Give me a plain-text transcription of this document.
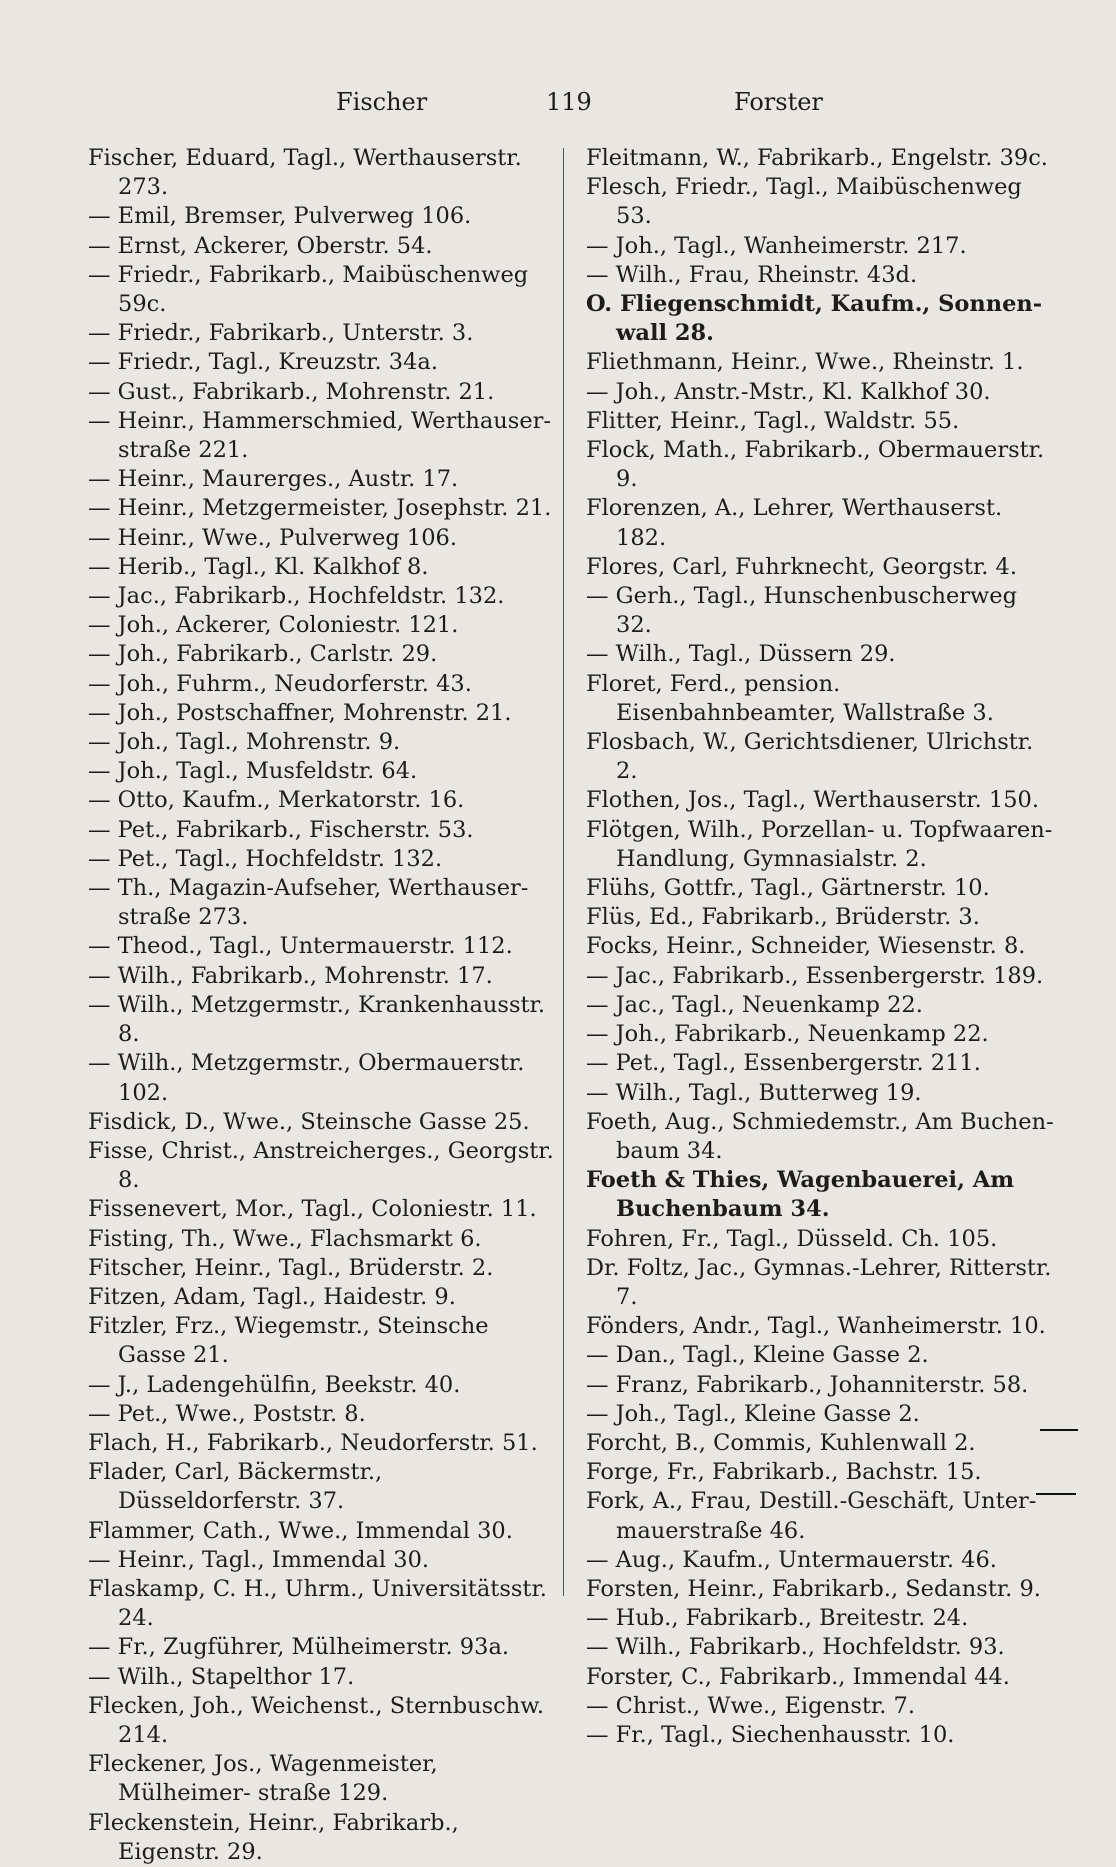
Fischer	119	Forster
Fischer, Eduard, Tagl., Werthauserstr. 273.
— Emil, Bremser, Pulverweg 106.
— Ernst, Ackerer, Oberstr. 54.
— Friedr., Fabrikarb., Maibüschenweg 59c.
— Friedr., Fabrikarb., Unterstr. 3.
— Friedr., Tagl., Kreuzstr. 34a.
— Gust., Fabrikarb., Mohrenstr. 21.
— Heinr., Hammerschmied, Werthauser- straße 221.
— Heinr., Maurerges., Austr. 17.
— Heinr., Metzgermeister, Josephstr. 21.
— Heinr., Wwe., Pulverweg 106.
— Herib., Tagl., Kl. Kalkhof 8.
— Jac., Fabrikarb., Hochfeldstr. 132.
— Joh., Ackerer, Coloniestr. 121.
— Joh., Fabrikarb., Carlstr. 29.
— Joh., Fuhrm., Neudorferstr. 43.
— Joh., Postschaffner, Mohrenstr. 21.
— Joh., Tagl., Mohrenstr. 9.
— Joh., Tagl., Musfeldstr. 64.
— Otto, Kaufm., Merkatorstr. 16.
— Pet., Fabrikarb., Fischerstr. 53.
— Pet., Tagl., Hochfeldstr. 132.
— Th., Magazin-Aufseher, Werthauser- straße 273.
— Theod., Tagl., Untermauerstr. 112.
— Wilh., Fabrikarb., Mohrenstr. 17.
— Wilh., Metzgermstr., Krankenhausstr. 8.
— Wilh., Metzgermstr., Obermauerstr. 102.
Fisdick, D., Wwe., Steinsche Gasse 25.
Fisse, Christ., Anstreicherges., Georgstr. 8.
Fissenevert, Mor., Tagl., Coloniestr. 11.
Fisting, Th., Wwe., Flachsmarkt 6.
Fitscher, Heinr., Tagl., Brüderstr. 2.
Fitzen, Adam, Tagl., Haidestr. 9.
Fitzler, Frz., Wiegemstr., Steinsche Gasse 21.
— J., Ladengehülfin, Beekstr. 40.
— Pet., Wwe., Poststr. 8.
Flach, H., Fabrikarb., Neudorferstr. 51.
Flader, Carl, Bäckermstr., Düsseldorferstr. 37.
Flammer, Cath., Wwe., Immendal 30.
— Heinr., Tagl., Immendal 30.
Flaskamp, C. H., Uhrm., Universitätsstr. 24.
— Fr., Zugführer, Mülheimerstr. 93a.
— Wilh., Stapelthor 17.
Flecken, Joh., Weichenst., Sternbuschw. 214.
Fleckener, Jos., Wagenmeister, Mülheimer- straße 129.
Fleckenstein, Heinr., Fabrikarb., Eigenstr. 29.
Fleitmann, W., Fabrikarb., Engelstr. 39c.
Flesch, Friedr., Tagl., Maibüschenweg 53.
— Joh., Tagl., Wanheimerstr. 217.
— Wilh., Frau, Rheinstr. 43d.
O. Fliegenschmidt, Kaufm., Sonnen- wall 28.
Fliethmann, Heinr., Wwe., Rheinstr. 1.
— Joh., Anstr.-Mstr., Kl. Kalkhof 30.
Flitter, Heinr., Tagl., Waldstr. 55.
Flock, Math., Fabrikarb., Obermauerstr. 9.
Florenzen, A., Lehrer, Werthauserst. 182.
Flores, Carl, Fuhrknecht, Georgstr. 4.
— Gerh., Tagl., Hunschenbuscherweg 32.
— Wilh., Tagl., Düssern 29.
Floret, Ferd., pension. Eisenbahnbeamter, Wallstraße 3.
Flosbach, W., Gerichtsdiener, Ulrichstr. 2.
Flothen, Jos., Tagl., Werthauserstr. 150.
Flötgen, Wilh., Porzellan- u. Topfwaaren- Handlung, Gymnasialstr. 2.
Flühs, Gottfr., Tagl., Gärtnerstr. 10.
Flüs, Ed., Fabrikarb., Brüderstr. 3.
Focks, Heinr., Schneider, Wiesenstr. 8.
— Jac., Fabrikarb., Essenbergerstr. 189.
— Jac., Tagl., Neuenkamp 22.
— Joh., Fabrikarb., Neuenkamp 22.
— Pet., Tagl., Essenbergerstr. 211.
— Wilh., Tagl., Butterweg 19.
Foeth, Aug., Schmiedemstr., Am Buchen- baum 34.
Foeth & Thies, Wagenbauerei, Am Buchenbaum 34.
Fohren, Fr., Tagl., Düsseld. Ch. 105.
Dr. Foltz, Jac., Gymnas.-Lehrer, Ritterstr. 7.
Fönders, Andr., Tagl., Wanheimerstr. 10.
— Dan., Tagl., Kleine Gasse 2.
— Franz, Fabrikarb., Johanniterstr. 58.
— Joh., Tagl., Kleine Gasse 2.
Forcht, B., Commis, Kuhlenwall 2.
Forge, Fr., Fabrikarb., Bachstr. 15.
Fork, A., Frau, Destill.-Geschäft, Unter- mauerstraße 46.
— Aug., Kaufm., Untermauerstr. 46.
Forsten, Heinr., Fabrikarb., Sedanstr. 9.
— Hub., Fabrikarb., Breitestr. 24.
— Wilh., Fabrikarb., Hochfeldstr. 93.
Forster, C., Fabrikarb., Immendal 44.
— Christ., Wwe., Eigenstr. 7.
— Fr., Tagl., Siechenhausstr. 10.
